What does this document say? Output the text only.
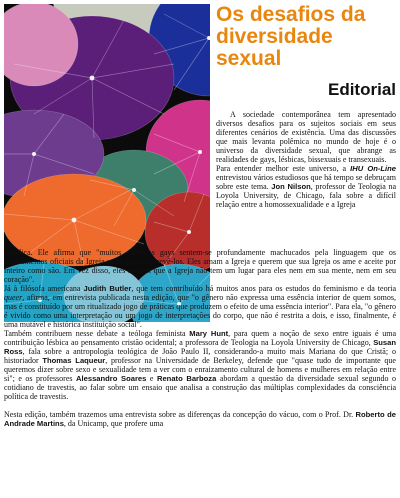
Os desafios da diversidade sexual
Editorial

A sociedade contemporânea tem apresentado diversos desafios para os sujeitos sociais em seus diferentes cenários de existência. Uma das discussões que mais levanta polêmica no mundo de hoje é o universo da diversidade sexual, que abrange as realidades de gays, lésbicas, bissexuais e transexuais.

Para entender melhor este universo, a IHU On-Line entrevistou vários estudiosos que há tempo se debruçam sobre este tema. Jon Nilson, professor de Teologia na Loyola University, de Chicago, fala sobre a difícil relação entre a homossexualidade e a Igreja

Católica. Ele afirma que "muitos católicos gays sentem-se profundamente machucados pela linguagem que os ensinamentos oficiais da Igreja usam para descrevê-los. Eles amam a Igreja e querem que sua Igreja os ame e aceite por inteiro como são. Em vez disso, eles sentem que a Igreja não tem um lugar para eles nem em sua mente, nem em seu coração".

Já à filósofa americana Judith Butler, que tem contribuído há muitos anos para os estudos do feminismo e da teoria queer, afirma, em entrevista publicada nesta edição, que "o gênero não expressa uma essência interior de quem somos, mas é constituído por um ritualizado jogo de práticas que produzem o efeito de uma essência interior". Para ela, "o gênero é vivido como uma interpretação ou um jogo de interpretações do corpo, que não é restrita a dois, e isso, finalmente, é uma mutável e histórica instituição social".

Também contribuem nesse debate a teóloga feminista Mary Hunt, para quem a noção de sexo entre iguais é uma contribuição lésbica ao pensamento cristão ocidental; a professora de Teologia na Loyola University de Chicago, Susan Ross, fala sobre a antropologia teológica de João Paulo II, considerando-a muito mais Mariana do que Cristã; o historiador Thomas Laqueur, professor na Universidade de Berkeley, defende que "quase tudo de importante que queremos dizer sobre sexo e sexualidade tem a ver com o enraizamento cultural de homens e mulheres em relação entre si"; e os professores Alessandro Soares e Renato Barboza abordam a questão da diversidade sexual segundo o cotidiano de travestis, ao falar sobre um ensaio que analisa a construção das múltiplas complexidades da consciência política de travestis.

Nesta edição, também trazemos uma entrevista sobre as diferenças da concepção do vácuo, com o Prof. Dr. Roberto de Andrade Martins, da Unicamp, que profere uma
